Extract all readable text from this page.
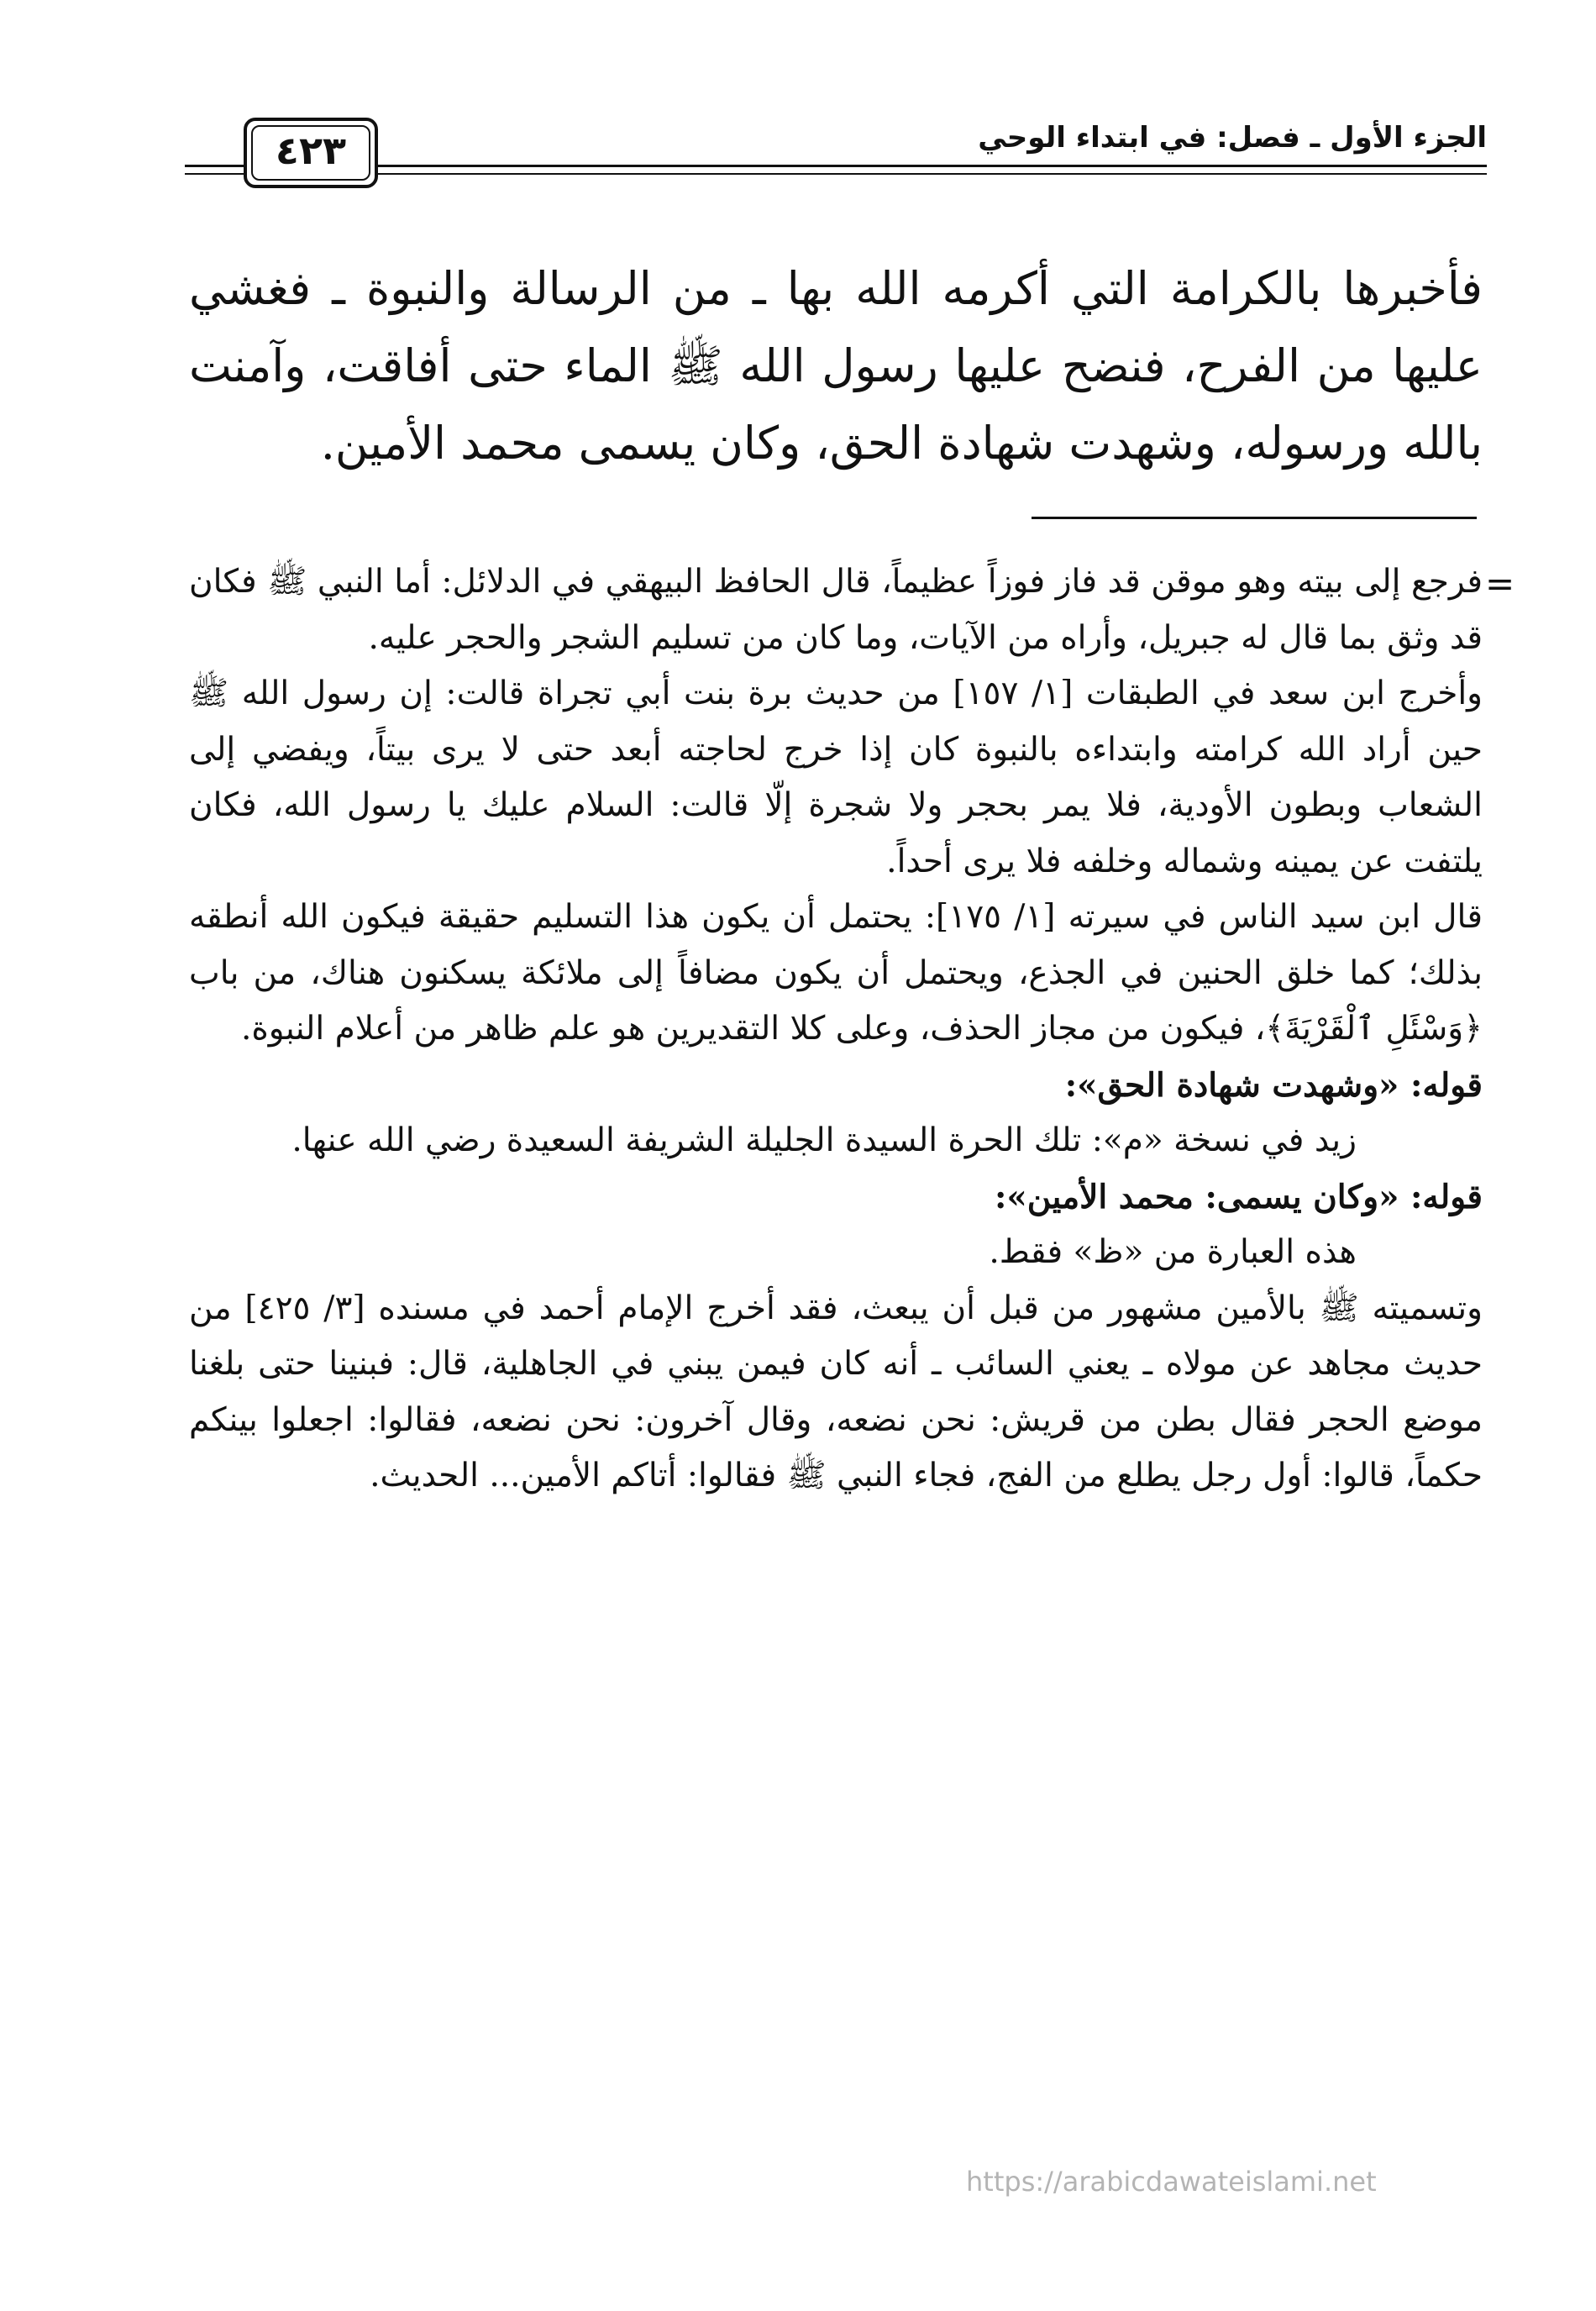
الجزء الأول ـ فصل: في ابتداء الوحي
٤٢٣
فأخبرها بالكرامة التي أكرمه الله بها ـ من الرسالة والنبوة ـ فغشي عليها من الفرح، فنضح عليها رسول الله ﷺ الماء حتى أفاقت، وآمنت بالله ورسوله، وشهدت شهادة الحق، وكان يسمى محمد الأمين.
=

فرجع إلى بيته وهو موقن قد فاز فوزاً عظيماً، قال الحافظ البيهقي في الدلائل: أما النبي ﷺ فكان قد وثق بما قال له جبريل، وأراه من الآيات، وما كان من تسليم الشجر والحجر عليه.

وأخرج ابن سعد في الطبقات [١/ ١٥٧] من حديث برة بنت أبي تجراة قالت: إن رسول الله ﷺ حين أراد الله كرامته وابتداءه بالنبوة كان إذا خرج لحاجته أبعد حتى لا يرى بيتاً، ويفضي إلى الشعاب وبطون الأودية، فلا يمر بحجر ولا شجرة إلّا قالت: السلام عليك يا رسول الله، فكان يلتفت عن يمينه وشماله وخلفه فلا يرى أحداً.

قال ابن سيد الناس في سيرته [١/ ١٧٥]: يحتمل أن يكون هذا التسليم حقيقة فيكون الله أنطقه بذلك؛ كما خلق الحنين في الجذع، ويحتمل أن يكون مضافاً إلى ملائكة يسكنون هناك، من باب ﴿وَسْئَلِ ٱلْقَرْيَةَ﴾، فيكون من مجاز الحذف، وعلى كلا التقديرين هو علم ظاهر من أعلام النبوة.

قوله: «وشهدت شهادة الحق»:

زيد في نسخة «م»: تلك الحرة السيدة الجليلة الشريفة السعيدة رضي الله عنها.

قوله: «وكان يسمى: محمد الأمين»:

هذه العبارة من «ظ» فقط.

وتسميته ﷺ بالأمين مشهور من قبل أن يبعث، فقد أخرج الإمام أحمد في مسنده [٣/ ٤٢٥] من حديث مجاهد عن مولاه ـ يعني السائب ـ أنه كان فيمن يبني في الجاهلية، قال: فبنينا حتى بلغنا موضع الحجر فقال بطن من قريش: نحن نضعه، وقال آخرون: نحن نضعه، فقالوا: اجعلوا بينكم حكماً، قالوا: أول رجل يطلع من الفج، فجاء النبي ﷺ فقالوا: أتاكم الأمين... الحديث.

https://arabicdawateislami.net
